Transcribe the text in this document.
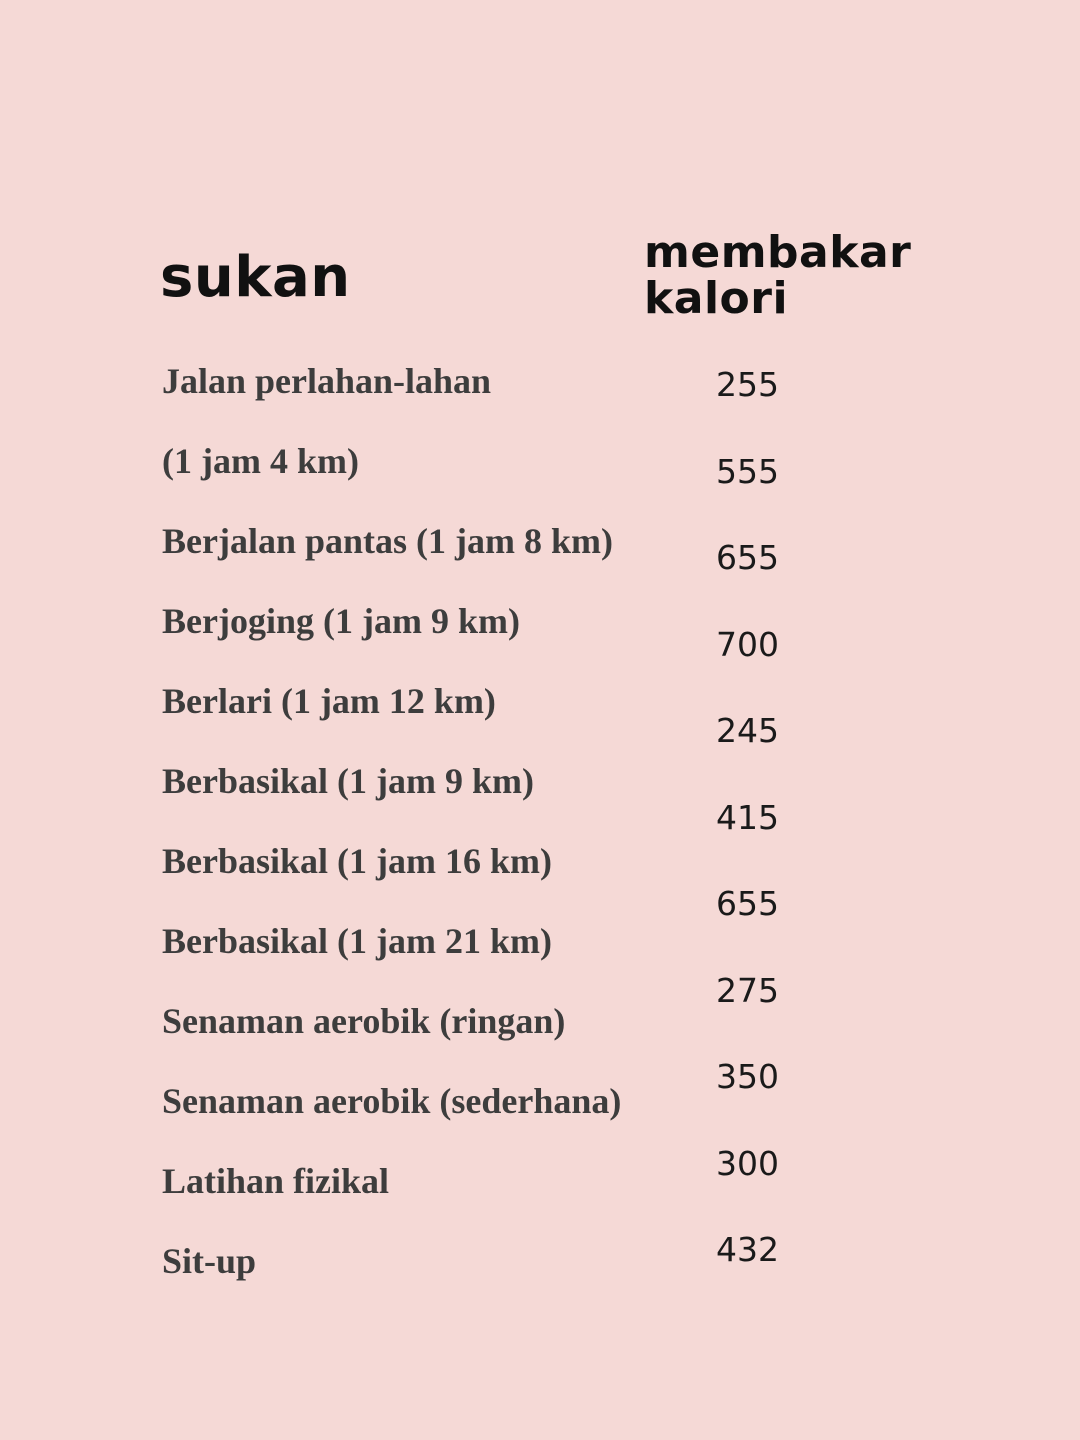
sukan	membakar
kalori
Jalan perlahan-lahan
(1 jam 4 km)
Berjalan pantas (1 jam 8 km)
Berjoging (1 jam 9 km)
Berlari (1 jam 12 km)
Berbasikal (1 jam 9 km)
Berbasikal (1 jam 16 km)
Berbasikal (1 jam 21 km)
Senaman aerobik (ringan)
Senaman aerobik (sederhana)
Latihan fizikal
Sit-up
255
555
655
700
245
415
655
275
350
300
432
